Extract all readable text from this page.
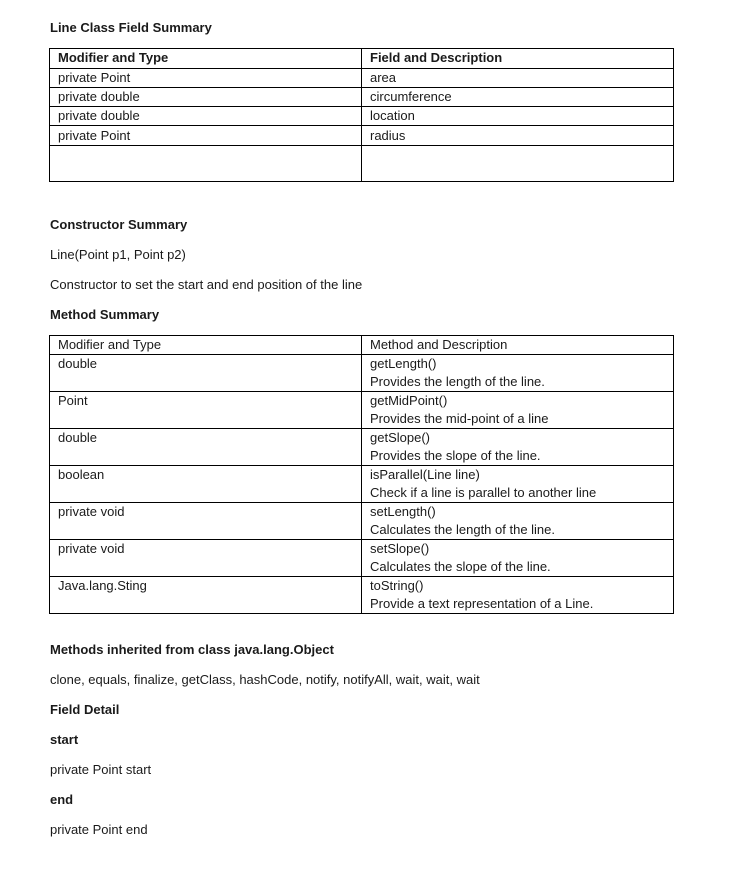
Line Class Field Summary
Modifier and Type	Field and Description
private Point	area
private double	circumference
private double	location
private Point	radius

Constructor Summary
Line(Point p1, Point p2)
Constructor to set the start and end position of the line
Method Summary
Modifier and Type	Method and Description
double	getLength()
Provides the length of the line.

Point	getMidPoint()
Provides the mid-point of a line

double	getSlope()
Provides the slope of the line.

boolean	isParallel(Line line)
Check if a line is parallel to another line

private void	setLength()
Calculates the length of the line.

private void	setSlope()
Calculates the slope of the line.

Java.lang.Sting	toString()
Provide a text representation of a Line.
Methods inherited from class java.lang.Object
clone, equals, finalize, getClass, hashCode, notify, notifyAll, wait, wait, wait
Field Detail
start
private Point start
end
private Point end
